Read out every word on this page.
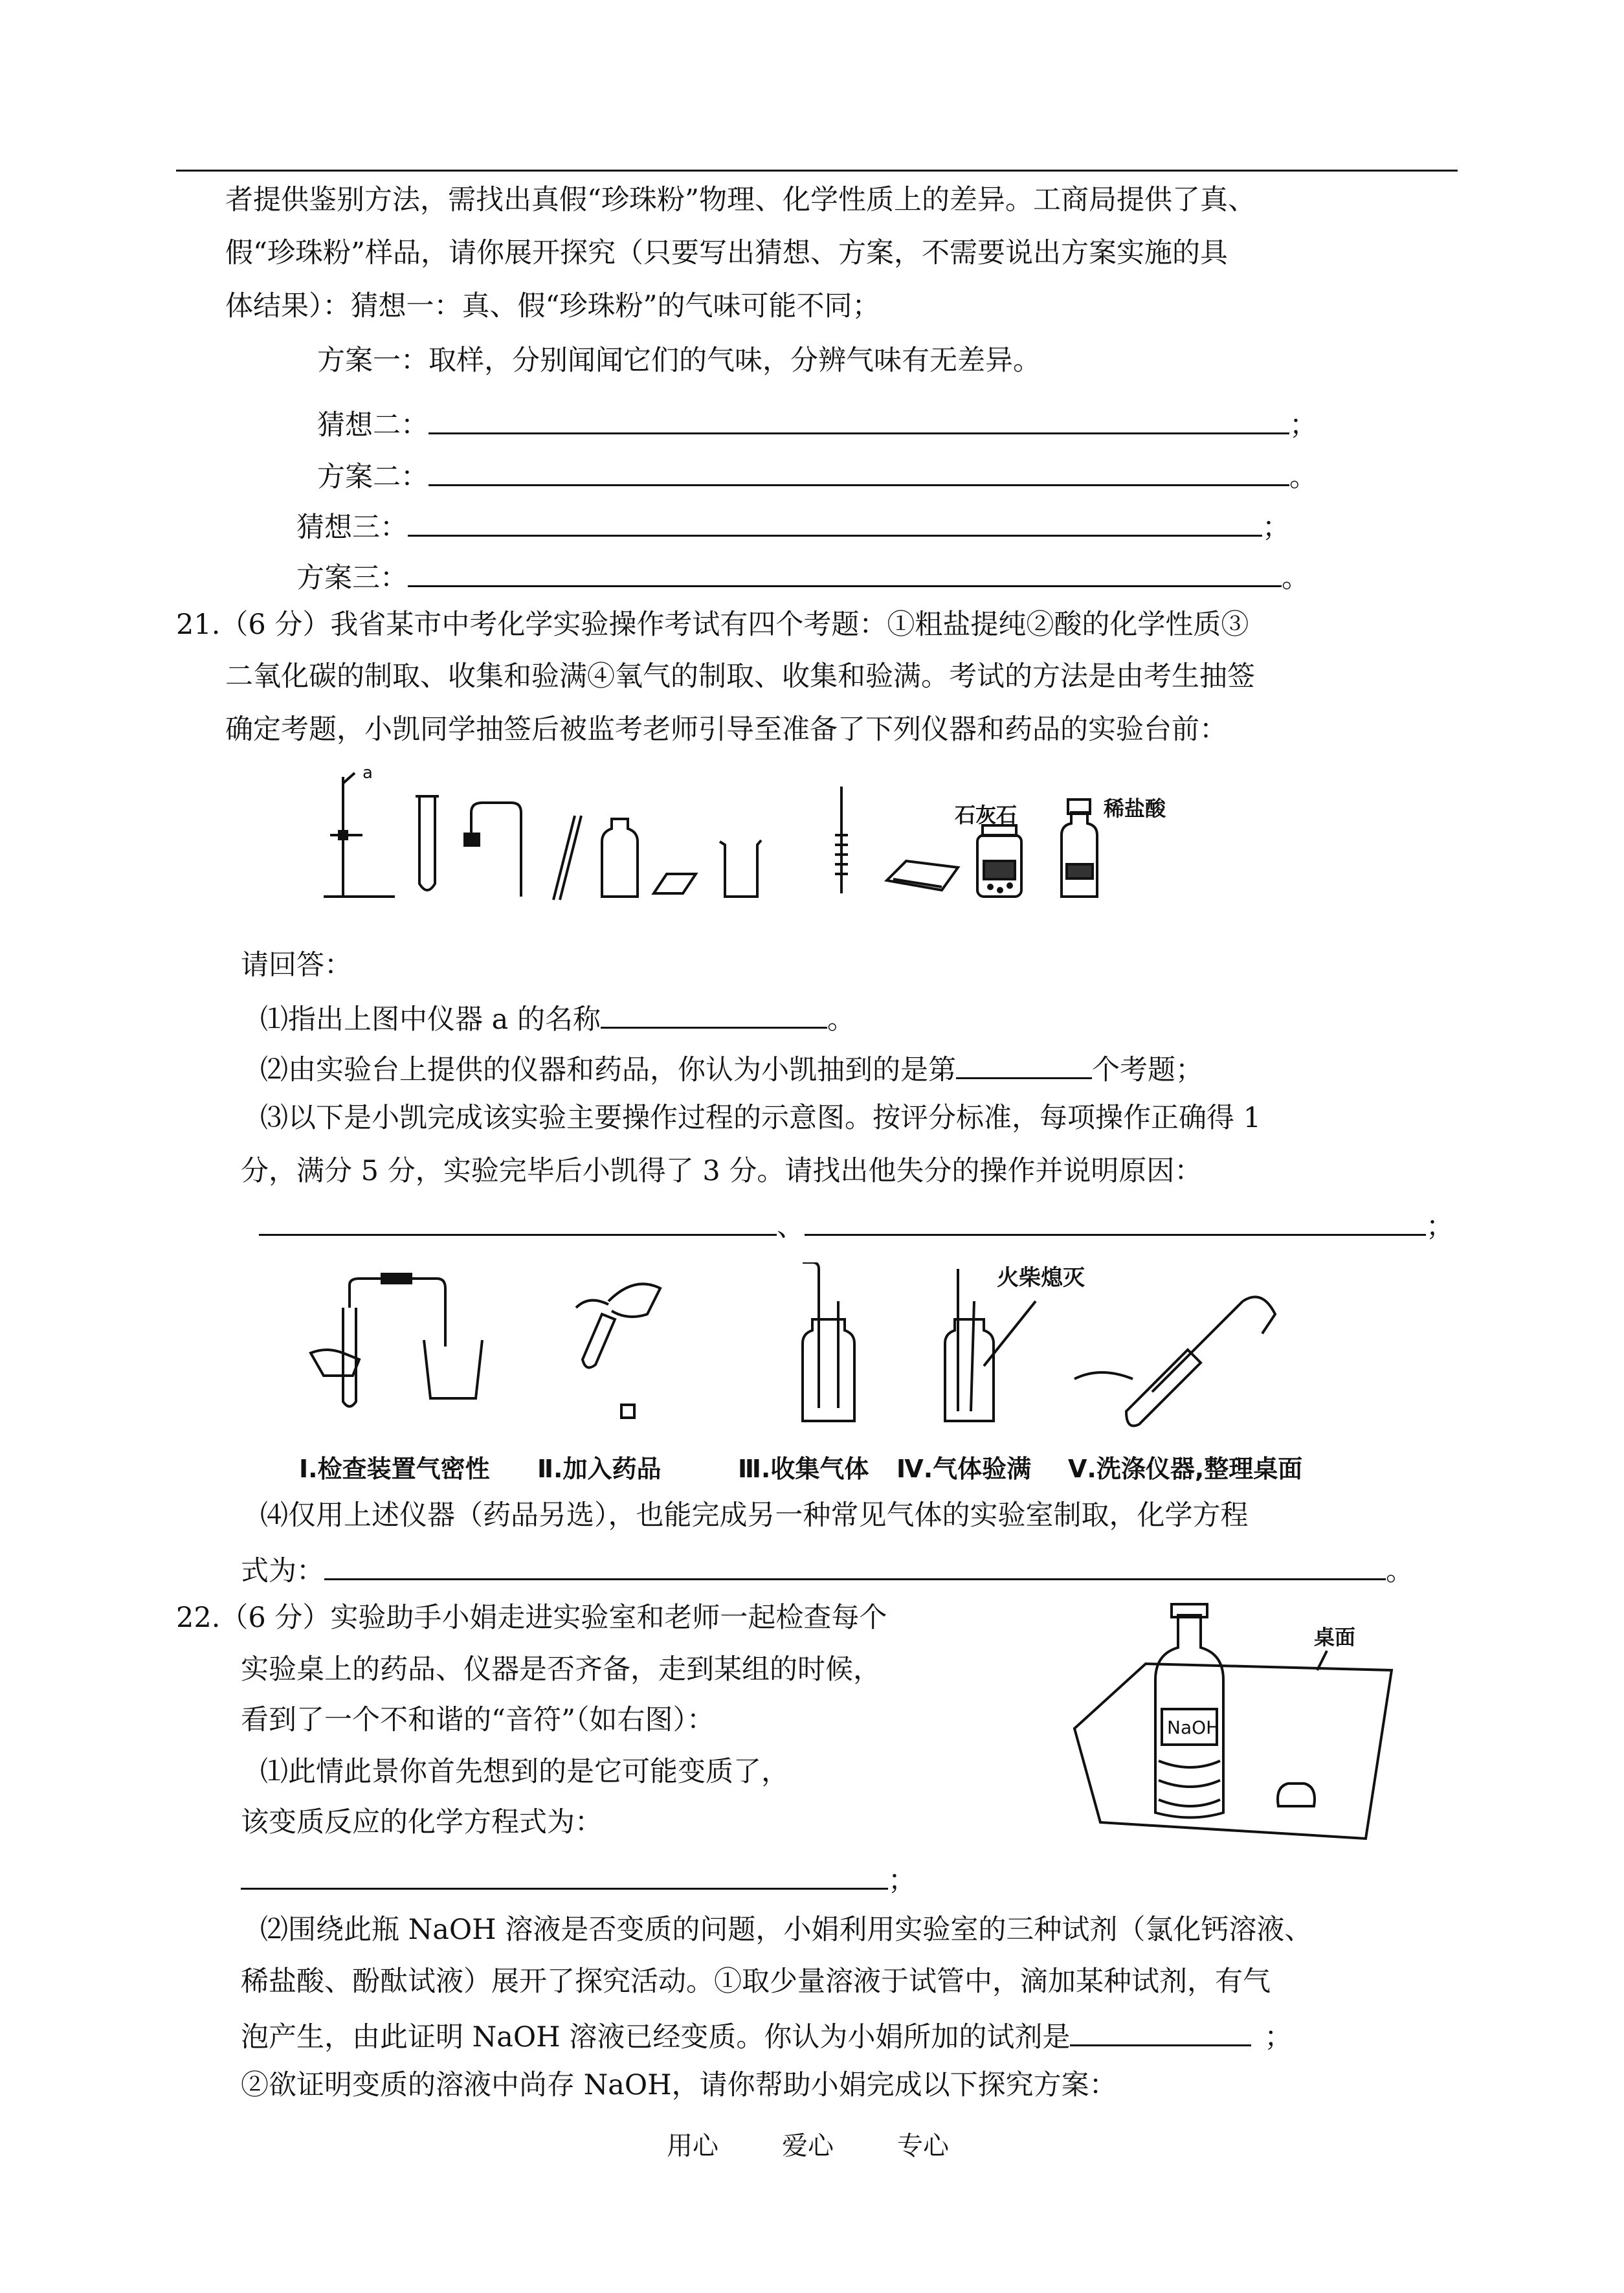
者提供鉴别方法，需找出真假“珍珠粉”物理、化学性质上的差异。工商局提供了真、
假“珍珠粉”样品，请你展开探究（只要写出猜想、方案，不需要说出方案实施的具
体结果）：猜想一：真、假“珍珠粉”的气味可能不同；
方案一：取样，分别闻闻它们的气味，分辨气味有无差异。
猜想二：	；
方案二：	。
猜想三：	；
方案三：	。
21.（6 分）我省某市中考化学实验操作考试有四个考题：①粗盐提纯②酸的化学性质③
二氧化碳的制取、收集和验满④氧气的制取、收集和验满。考试的方法是由考生抽签
确定考题，小凯同学抽签后被监考老师引导至准备了下列仪器和药品的实验台前：
a
石灰石	稀盐酸
请回答：
⑴指出上图中仪器 a 的名称	。
⑵由实验台上提供的仪器和药品，你认为小凯抽到的是第	个考题；
⑶以下是小凯完成该实验主要操作过程的示意图。按评分标准，每项操作正确得 1
分，满分 5 分，实验完毕后小凯得了 3 分。请找出他失分的操作并说明原因：
、	；
火柴熄灭
Ⅰ.检查装置气密性 Ⅱ.加入药品	Ⅲ.收集气体 Ⅳ.气体验满 Ⅴ.洗涤仪器,整理桌面
⑷仅用上述仪器（药品另选），也能完成另一种常见气体的实验室制取，化学方程
式为：	。
22.（6 分）实验助手小娟走进实验室和老师一起检查每个
实验桌上的药品、仪器是否齐备，走到某组的时候，
看到了一个不和谐的“音符”（如右图）：
⑴此情此景你首先想到的是它可能变质了，
该变质反应的化学方程式为：
；
NaOH
桌面
⑵围绕此瓶 NaOH 溶液是否变质的问题，小娟利用实验室的三种试剂（氯化钙溶液、
稀盐酸、酚酞试液）展开了探究活动。①取少量溶液于试管中，滴加某种试剂，有气
泡产生，由此证明 NaOH 溶液已经变质。你认为小娟所加的试剂是	；
②欲证明变质的溶液中尚存 NaOH，请你帮助小娟完成以下探究方案：
用心 爱心 专心
